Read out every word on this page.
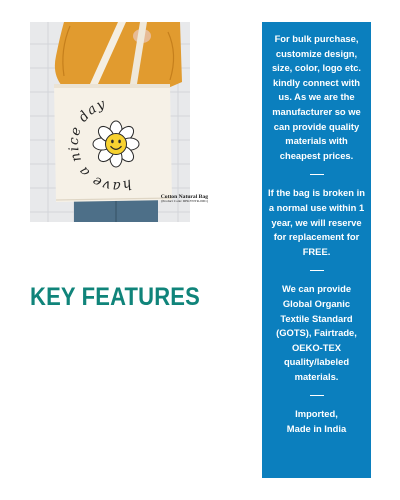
have a nice day
Cotton Natural Bag
(Product Code: DEKYNTR-0001)
KEY FEATURES

For bulk purchase,
customize design,
size, color, logo etc.
kindly connect with
us. As we are the
manufacturer so we
can provide quality
materials with
cheapest prices.

If the bag is broken in
a normal use within 1
year, we will reserve
for replacement for
FREE.

We can provide
Global Organic
Textile Standard
(GOTS), Fairtrade,
OEKO-TEX
quality/labeled
materials.

Imported,
Made in India
